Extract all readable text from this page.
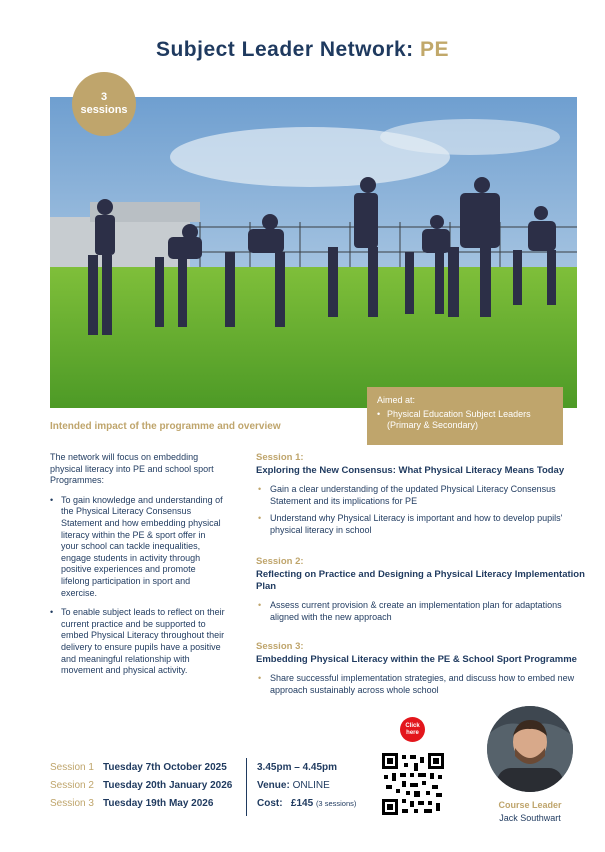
Subject Leader Network: PE
3
sessions
Aimed at:
• Physical Education Subject Leaders (Primary & Secondary)
Intended impact of the programme and overview

The network will focus on embedding physical literacy into PE and school sport Programmes:

• To gain knowledge and understanding of the Physical Literacy Consensus Statement and how embedding physical literacy within the PE & sport offer in your school can tackle inequalities, engage students in activity through positive experiences and promote lifelong participation in sport and exercise.
• To enable subject leads to reflect on their current practice and be supported to embed Physical Literacy throughout their delivery to ensure pupils have a positive and meaningful relationship with movement and physical activity.
Session 1:
Exploring the New Consensus: What Physical Literacy Means Today
• Gain a clear understanding of the updated Physical Literacy Consensus Statement and its implications for PE
• Understand why Physical Literacy is important and how to develop pupils' physical literacy in school
Session 2:
Reflecting on Practice and Designing a Physical Literacy Implementation Plan
• Assess current provision & create an implementation plan for adaptations aligned with the new approach
Session 3:
Embedding Physical Literacy within the PE & School Sport Programme
• Share successful implementation strategies, and discuss how to embed new approach sustainably across whole school
Session 1 Tuesday 7th October 2025
Session 2 Tuesday 20th January 2026
Session 3 Tuesday 19th May 2026
3.45pm – 4.45pm
Venue: ONLINE
Cost: £145 (3 sessions)
Click
here
Course Leader
Jack Southwart
